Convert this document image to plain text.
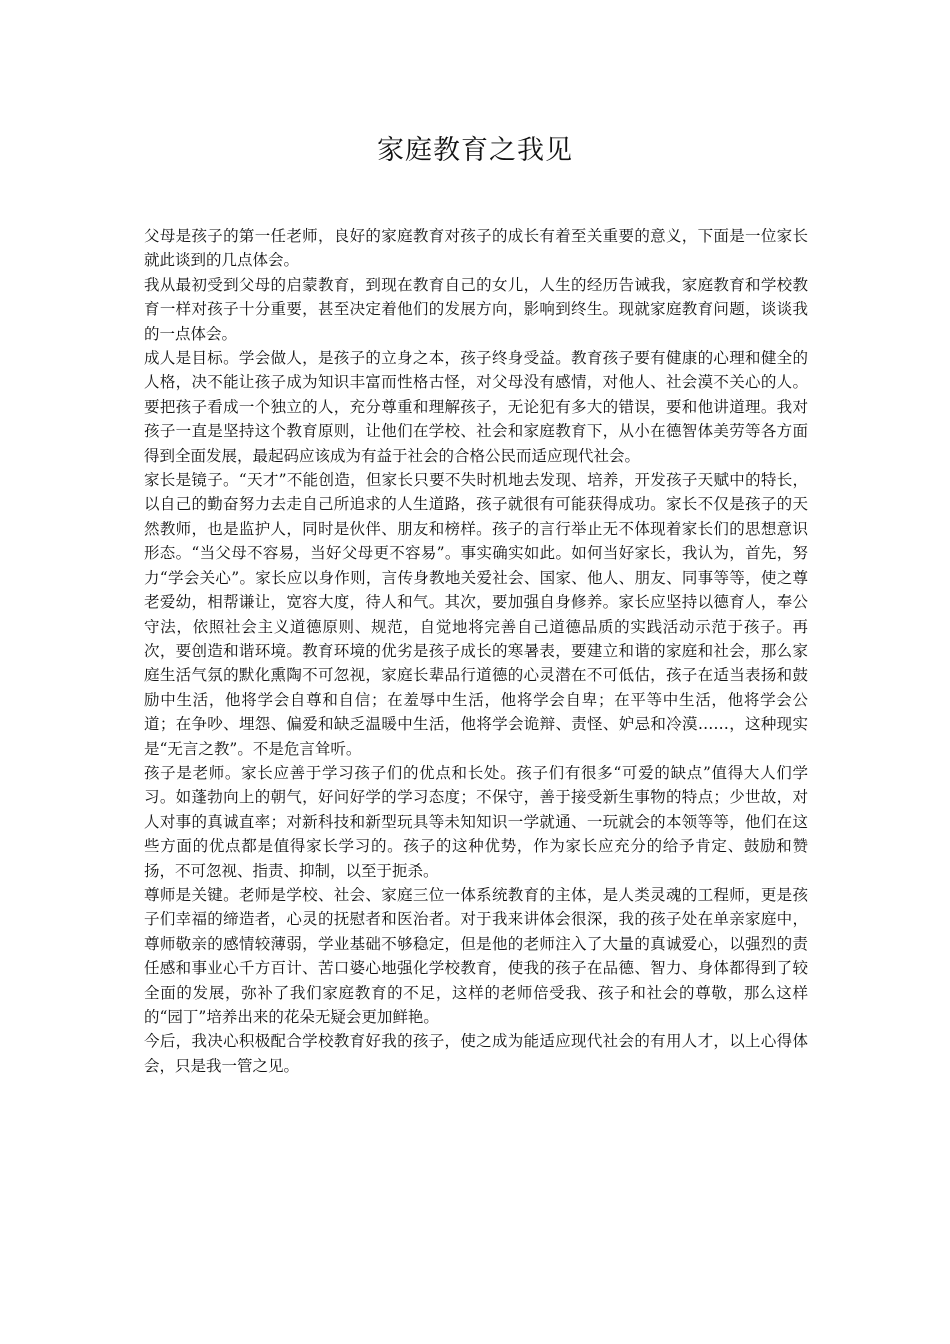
家庭教育之我见

父母是孩子的第一任老师，良好的家庭教育对孩子的成长有着至关重要的意义，下面是一位家长就此谈到的几点体会。

我从最初受到父母的启蒙教育，到现在教育自己的女儿，人生的经历告诫我，家庭教育和学校教育一样对孩子十分重要，甚至决定着他们的发展方向，影响到终生。现就家庭教育问题，谈谈我的一点体会。

成人是目标。学会做人，是孩子的立身之本，孩子终身受益。教育孩子要有健康的心理和健全的人格，决不能让孩子成为知识丰富而性格古怪，对父母没有感情，对他人、社会漠不关心的人。要把孩子看成一个独立的人，充分尊重和理解孩子，无论犯有多大的错误，要和他讲道理。我对孩子一直是坚持这个教育原则，让他们在学校、社会和家庭教育下，从小在德智体美劳等各方面得到全面发展，最起码应该成为有益于社会的合格公民而适应现代社会。

家长是镜子。“天才”不能创造，但家长只要不失时机地去发现、培养，开发孩子天赋中的特长，以自己的勤奋努力去走自己所追求的人生道路，孩子就很有可能获得成功。家长不仅是孩子的天然教师，也是监护人，同时是伙伴、朋友和榜样。孩子的言行举止无不体现着家长们的思想意识形态。“当父母不容易，当好父母更不容易”。事实确实如此。如何当好家长，我认为，首先，努力“学会关心”。家长应以身作则，言传身教地关爱社会、国家、他人、朋友、同事等等，使之尊老爱幼，相帮谦让，宽容大度，待人和气。其次，要加强自身修养。家长应坚持以德育人，奉公守法，依照社会主义道德原则、规范，自觉地将完善自己道德品质的实践活动示范于孩子。再次，要创造和谐环境。教育环境的优劣是孩子成长的寒暑表，要建立和谐的家庭和社会，那么家庭生活气氛的默化熏陶不可忽视，家庭长辈品行道德的心灵潜在不可低估，孩子在适当表扬和鼓励中生活，他将学会自尊和自信；在羞辱中生活，他将学会自卑；在平等中生活，他将学会公道；在争吵、埋怨、偏爱和缺乏温暖中生活，他将学会诡辩、责怪、妒忌和冷漠……，这种现实是“无言之教”。不是危言耸听。

孩子是老师。家长应善于学习孩子们的优点和长处。孩子们有很多“可爱的缺点”值得大人们学习。如蓬勃向上的朝气，好问好学的学习态度；不保守，善于接受新生事物的特点；少世故，对人对事的真诚直率；对新科技和新型玩具等未知知识一学就通、一玩就会的本领等等，他们在这些方面的优点都是值得家长学习的。孩子的这种优势，作为家长应充分的给予肯定、鼓励和赞扬，不可忽视、指责、抑制，以至于扼杀。

尊师是关键。老师是学校、社会、家庭三位一体系统教育的主体，是人类灵魂的工程师，更是孩子们幸福的缔造者，心灵的抚慰者和医治者。对于我来讲体会很深，我的孩子处在单亲家庭中，尊师敬亲的感情较薄弱，学业基础不够稳定，但是他的老师注入了大量的真诚爱心，以强烈的责任感和事业心千方百计、苦口婆心地强化学校教育，使我的孩子在品德、智力、身体都得到了较全面的发展，弥补了我们家庭教育的不足，这样的老师倍受我、孩子和社会的尊敬，那么这样的“园丁”培养出来的花朵无疑会更加鲜艳。

今后，我决心积极配合学校教育好我的孩子，使之成为能适应现代社会的有用人才，以上心得体会，只是我一管之见。
